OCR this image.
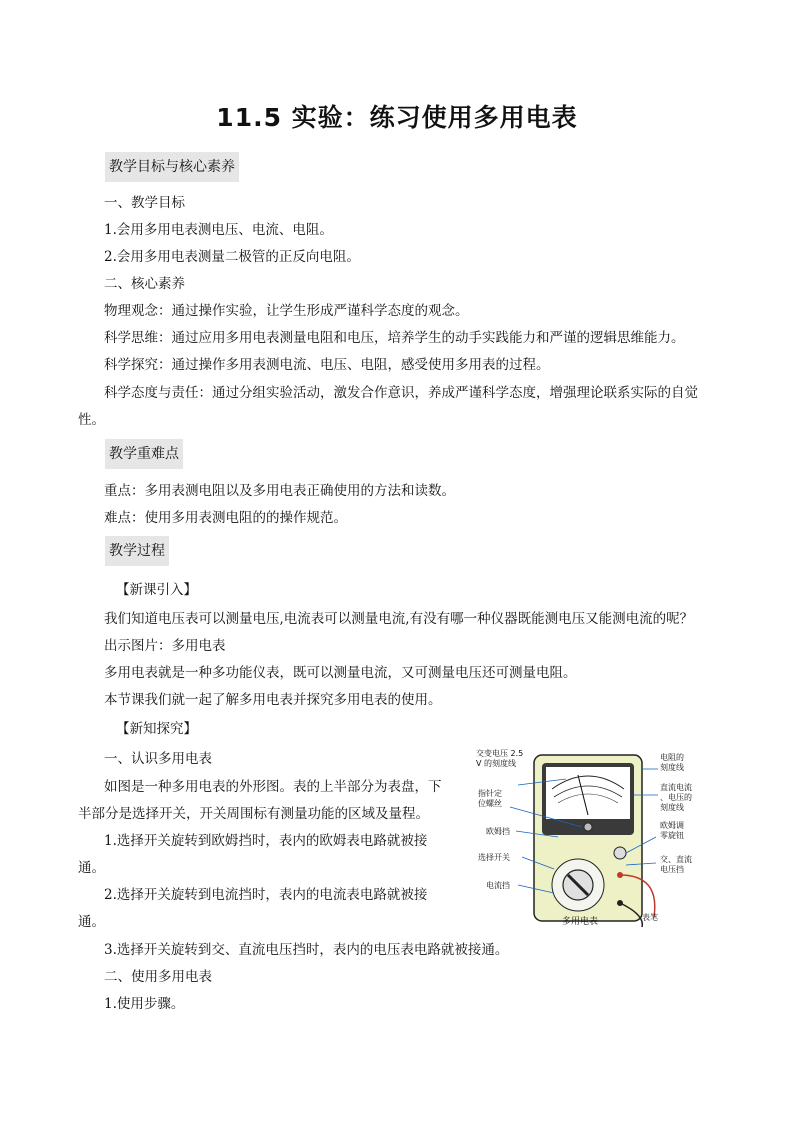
11.5 实验：练习使用多用电表
教学目标与核心素养
一、教学目标
1.会用多用电表测电压、电流、电阻。
2.会用多用电表测量二极管的正反向电阻。
二、核心素养
物理观念：通过操作实验，让学生形成严谨科学态度的观念。
科学思维：通过应用多用电表测量电阻和电压，培养学生的动手实践能力和严谨的逻辑思维能力。
科学探究：通过操作多用表测电流、电压、电阻，感受使用多用表的过程。
科学态度与责任：通过分组实验活动，激发合作意识，养成严谨科学态度，增强理论联系实际的自觉
性。
教学重难点
重点：多用表测电阻以及多用电表正确使用的方法和读数。
难点：使用多用表测电阻的的操作规范。
教学过程
【新课引入】
我们知道电压表可以测量电压,电流表可以测量电流,有没有哪一种仪器既能测电压又能测电流的呢？
出示图片：多用电表
多用电表就是一种多功能仪表，既可以测量电流，又可测量电压还可测量电阻。
本节课我们就一起了解多用电表并探究多用电表的使用。
【新知探究】
一、认识多用电表
如图是一种多用电表的外形图。表的上半部分为表盘，下
半部分是选择开关，开关周围标有测量功能的区域及量程。
1.选择开关旋转到欧姆挡时，表内的欧姆表电路就被接
通。
2.选择开关旋转到电流挡时，表内的电流表电路就被接
通。
3.选择开关旋转到交、直流电压挡时，表内的电压表电路就被接通。
二、使用多用电表
1.使用步骤。
交变电压 2.5
V 的刻度线
指针定
位螺丝
欧姆挡
选择开关
电流挡
电阻的
刻度线
直流电流
、电压的
刻度线
欧姆调
零旋钮
交、直流
电压挡
多用电表	表笔
